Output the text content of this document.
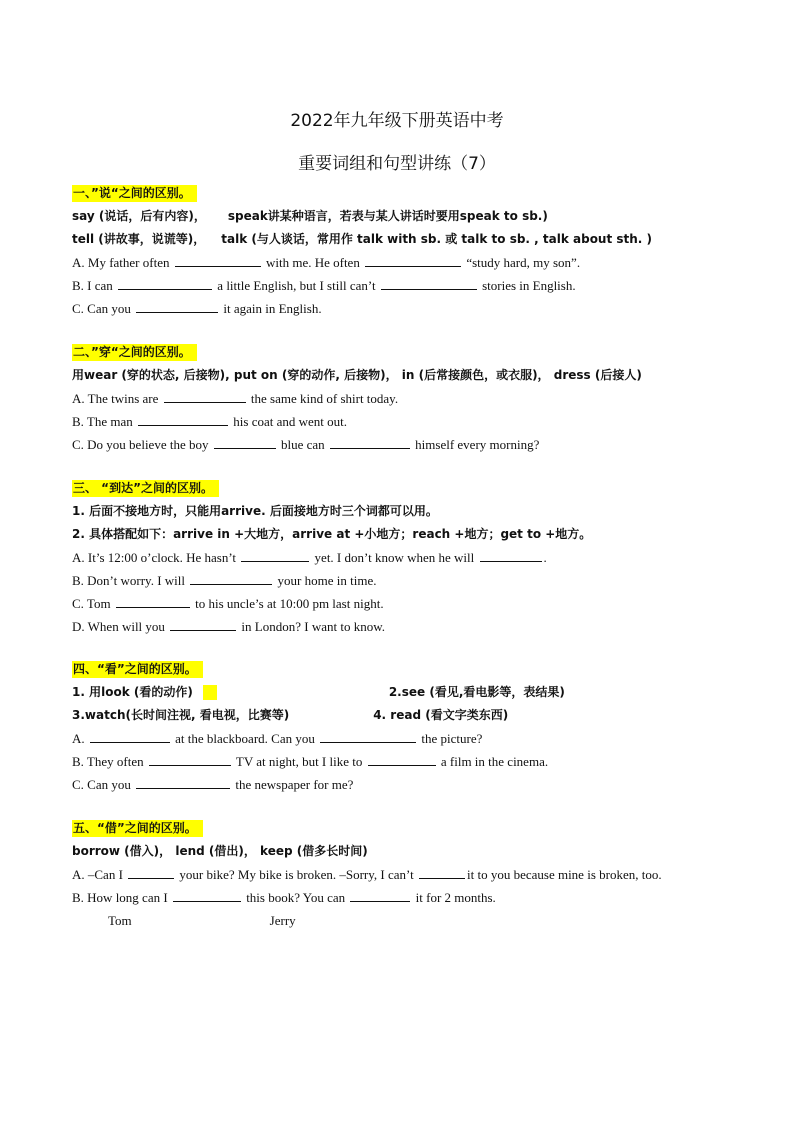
2022年九年级下册英语中考
重要词组和句型讲练（7）
一、”说“之间的区别。
say (说话，后有内容)， speak讲某种语言，若表与某人讲话时要用speak to sb.)
tell (讲故事，说谎等)， talk (与人谈话，常用作 talk with sb. 或 talk to sb. , talk about sth. )
A. My father often	with me. He often	“study hard, my son”.
B. I can	a little English, but I still can’t	stories in English.
C. Can you	it again in English.
二、”穿“之间的区别。
用wear (穿的状态, 后接物), put on (穿的动作, 后接物)， in (后常接颜色，或衣服)， dress (后接人)
A. The twins are	the same kind of shirt today.
B. The man	his coat and went out.
C. Do you believe the boy	blue can	himself every morning?
三、 “到达”之间的区别。
1. 后面不接地方时，只能用arrive. 后面接地方时三个词都可以用。
2. 具体搭配如下：arrive in +大地方，arrive at +小地方；reach +地方；get to +地方。
A. It’s 12:00 o’clock. He hasn’t	yet. I don’t know when he will	.
B. Don’t worry. I will	your home in time.
C. Tom	to his uncle’s at 10:00 pm last night.
D. When will you	in London? I want to know.
四、“看”之间的区别。
1. 用look (看的动作)	2.see (看见,看电影等，表结果)
3.watch(长时间注视, 看电视，比赛等)	4. read (看文字类东西)
A.	at the blackboard. Can you	the picture?
B. They often	TV at night, but I like to	a film in the cinema.
C. Can you	the newspaper for me?
五、“借”之间的区别。
borrow (借入)， lend (借出)， keep (借多长时间)
A. –Can I	your bike? My bike is broken. –Sorry, I can’t	it to you because mine is broken, too.
B. How long can I	this book? You can	it for 2 months.
Tom	Jerry
